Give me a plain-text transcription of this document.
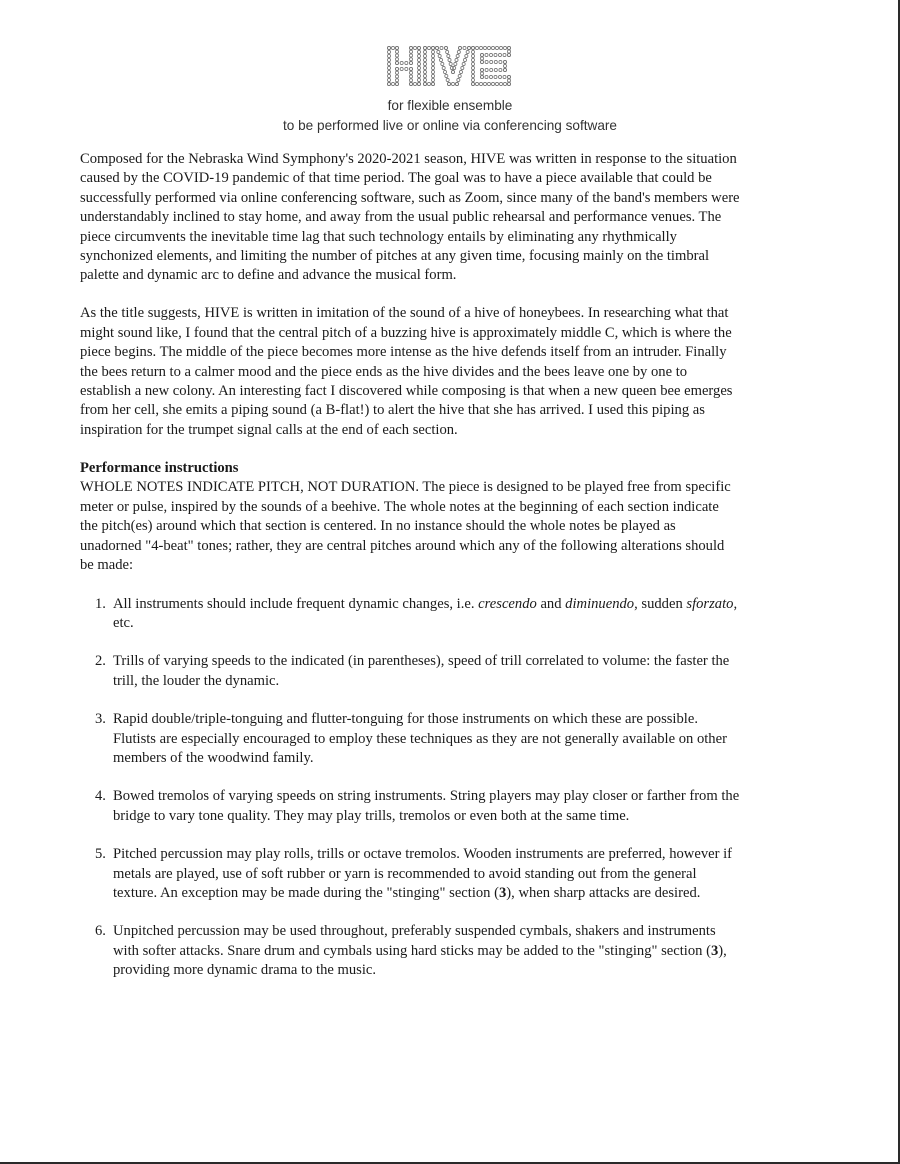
for flexible ensemble

to be performed live or online via conferencing software

Composed for the Nebraska Wind Symphony's 2020-2021 season, HIVE was written in response to the situation caused by the COVID-19 pandemic of that time period. The goal was to have a piece available that could be successfully performed via online conferencing software, such as Zoom, since many of the band's members were understandably inclined to stay home, and away from the usual public rehearsal and performance venues. The piece circumvents the inevitable time lag that such technology entails by eliminating any rhythmically synchonized elements, and limiting the number of pitches at any given time, focusing mainly on the timbral palette and dynamic arc to define and advance the musical form.

As the title suggests, HIVE is written in imitation of the sound of a hive of honeybees. In researching what that might sound like, I found that the central pitch of a buzzing hive is approximately middle C, which is where the piece begins. The middle of the piece becomes more intense as the hive defends itself from an intruder. Finally the bees return to a calmer mood and the piece ends as the hive divides and the bees leave one by one to establish a new colony. An interesting fact I discovered while composing is that when a new queen bee emerges from her cell, she emits a piping sound (a B-flat!) to alert the hive that she has arrived. I used this piping as inspiration for the trumpet signal calls at the end of each section.

Performance instructions

WHOLE NOTES INDICATE PITCH, NOT DURATION. The piece is designed to be played free from specific meter or pulse, inspired by the sounds of a beehive. The whole notes at the beginning of each section indicate the pitch(es) around which that section is centered. In no instance should the whole notes be played as unadorned "4-beat" tones; rather, they are central pitches around which any of the following alterations should be made:

1. All instruments should include frequent dynamic changes, i.e. crescendo and diminuendo, sudden sforzato, etc.
2. Trills of varying speeds to the indicated (in parentheses), speed of trill correlated to volume: the faster the trill, the louder the dynamic.
3. Rapid double/triple-tonguing and flutter-tonguing for those instruments on which these are possible. Flutists are especially encouraged to employ these techniques as they are not generally available on other members of the woodwind family.
4. Bowed tremolos of varying speeds on string instruments. String players may play closer or farther from the bridge to vary tone quality. They may play trills, tremolos or even both at the same time.
5. Pitched percussion may play rolls, trills or octave tremolos. Wooden instruments are preferred, however if metals are played, use of soft rubber or yarn is recommended to avoid standing out from the general texture. An exception may be made during the "stinging" section (3), when sharp attacks are desired.
6. Unpitched percussion may be used throughout, preferably suspended cymbals, shakers and instruments with softer attacks. Snare drum and cymbals using hard sticks may be added to the "stinging" section (3), providing more dynamic drama to the music.
